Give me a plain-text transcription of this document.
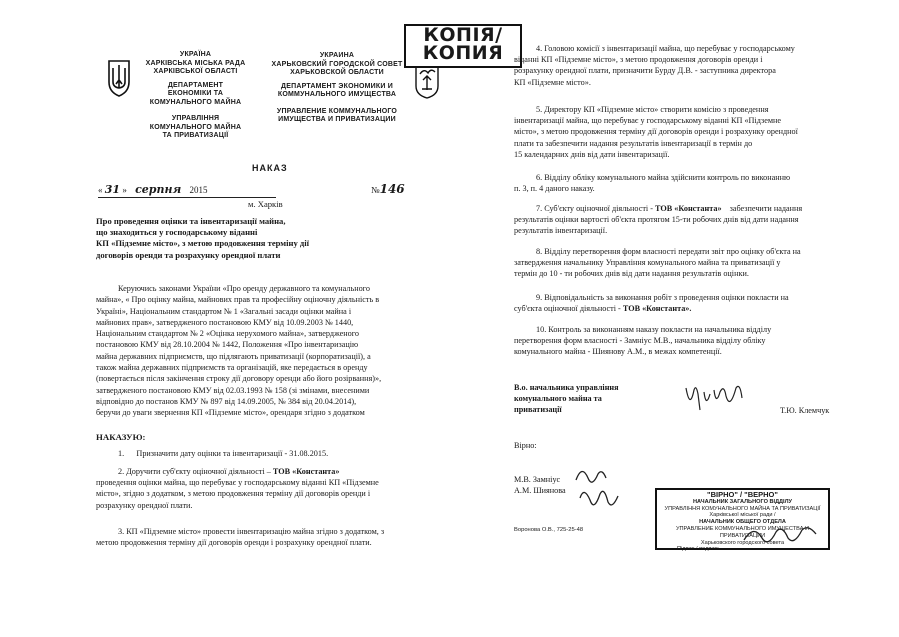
УКРАЇНА
ХАРКІВСЬКА МІСЬКА РАДА
ХАРКІВСЬКОЇ ОБЛАСТІ
ДЕПАРТАМЕНТ
ЕКОНОМІКИ ТА
КОМУНАЛЬНОГО МАЙНА
УПРАВЛІННЯ
КОМУНАЛЬНОГО МАЙНА
ТА ПРИВАТИЗАЦІЇ
УКРАИНА
ХАРЬКОВСКИЙ ГОРОДСКОЙ СОВЕТ
ХАРЬКОВСКОЙ ОБЛАСТИ
ДЕПАРТАМЕНТ ЭКОНОМИКИ И
КОММУНАЛЬНОГО ИМУЩЕСТВА
УПРАВЛЕНИЕ КОММУНАЛЬНОГО
ИМУЩЕСТВА И ПРИВАТИЗАЦИИ
КОПІЯ/
КОПИЯ
НАКАЗ
« 31 » серпня 2015
м. Харків
№146
Про проведення оцінки та інвентаризації майна,
що знаходиться у господарському віданні
КП «Підземне місто», з метою продовження терміну дії
договорів оренди та розрахунку орендної плати
Керуючись законами України «Про оренду державного та комунального
майна», « Про оцінку майна, майнових прав та професійну оціночну діяльність в
Україні», Національним стандартом № 1 «Загальні засади оцінки майна і
майнових прав», затвердженого постановою КМУ від 10.09.2003 № 1440,
Національним стандартом № 2 «Оцінка нерухомого майна», затвердженого
постановою КМУ від 28.10.2004 № 1442, Положення «Про інвентаризацію
майна державних підприємств, що підлягають приватизації (корпоратизації), а
також майна державних підприємств та організацій, яке передається в оренду
(повертається після закінчення строку дії договору оренди або його розірвання)»,
затвердженого постановою КМУ від 02.03.1993 № 158 (зі змінами, внесеними
відповідно до постанов КМУ № 897 від 14.09.2005, № 384 від 20.04.2014),
беручи до уваги звернення КП «Підземне місто», орендаря згідно з додатком
НАКАЗУЮ:
1.      Призначити дату оцінки та інвентаризації - 31.08.2015.
2. Доручити суб'єкту оціночної діяльності – ТОВ «Константа»
проведення оцінки майна, що перебуває у господарському віданні КП «Підземне
місто», згідно з додатком, з метою продовження терміну дії договорів оренди і
розрахунку орендної плати.
3. КП «Підземне місто» провести інвентаризацію майна згідно з додатком, з
метою продовження терміну дії договорів оренди і розрахунку орендної плати.
4. Головою комісії з інвентаризації майна, що перебуває у господарському
віданні КП «Підземне місто», з метою продовження договорів оренди і
розрахунку орендної плати, призначити Бурду Д.В. - заступника директора
КП «Підземне місто».
5. Директору КП «Підземне місто» створити комісію з проведення
інвентаризації майна, що перебуває у господарському віданні КП «Підземне
місто», з метою продовження терміну дії договорів оренди і розрахунку орендної
плати та забезпечити надання результатів інвентаризації в термін до
15 календарних днів від дати інвентаризації.
6. Відділу обліку комунального майна здійснити контроль по виконанню
п. 3, п. 4 даного наказу.
7. Суб'єкту оціночної діяльності - ТОВ «Константа» забезпечити надання
результатів оцінки вартості об'єкта протягом 15-ти робочих днів від дати надання
результатів інвентаризації.
8. Відділу перетворення форм власності передати звіт про оцінку об'єкта на
затвердження начальнику Управління комунального майна та приватизації у
термін до 10 - ти робочих днів від дати надання результатів оцінки.
9. Відповідальність за виконання робіт з проведення оцінки покласти на
суб'єкта оціночної діяльності - ТОВ «Константа».
10. Контроль за виконанням наказу покласти на начальника відділу
перетворення форм власності - Замніус М.В., начальника відділу обліку
комунального майна - Шиянову А.М., в межах компетенції.
В.о. начальника управління
комунального майна та
приватизації	Т.Ю. Клемчук
Вірно:
М.В. Замніус
А.М. Шиянова
Воронова О.В., 725-25-48
"ВІРНО" / "ВЕРНО"
НАЧАЛЬНИК ЗАГАЛЬНОГО ВІДДІЛУ
УПРАВЛІННЯ КОМУНАЛЬНОГО МАЙНА ТА ПРИВАТИЗАЦІЇ
Харківської міської ради /
НАЧАЛЬНИК ОБЩЕГО ОТДЕЛА
УПРАВЛЕНИЕ КОММУНАЛЬНОГО ИМУЩЕСТВА И ПРИВАТИЗАЦИИ
Харьковского городского совета
Підпис / подпись
